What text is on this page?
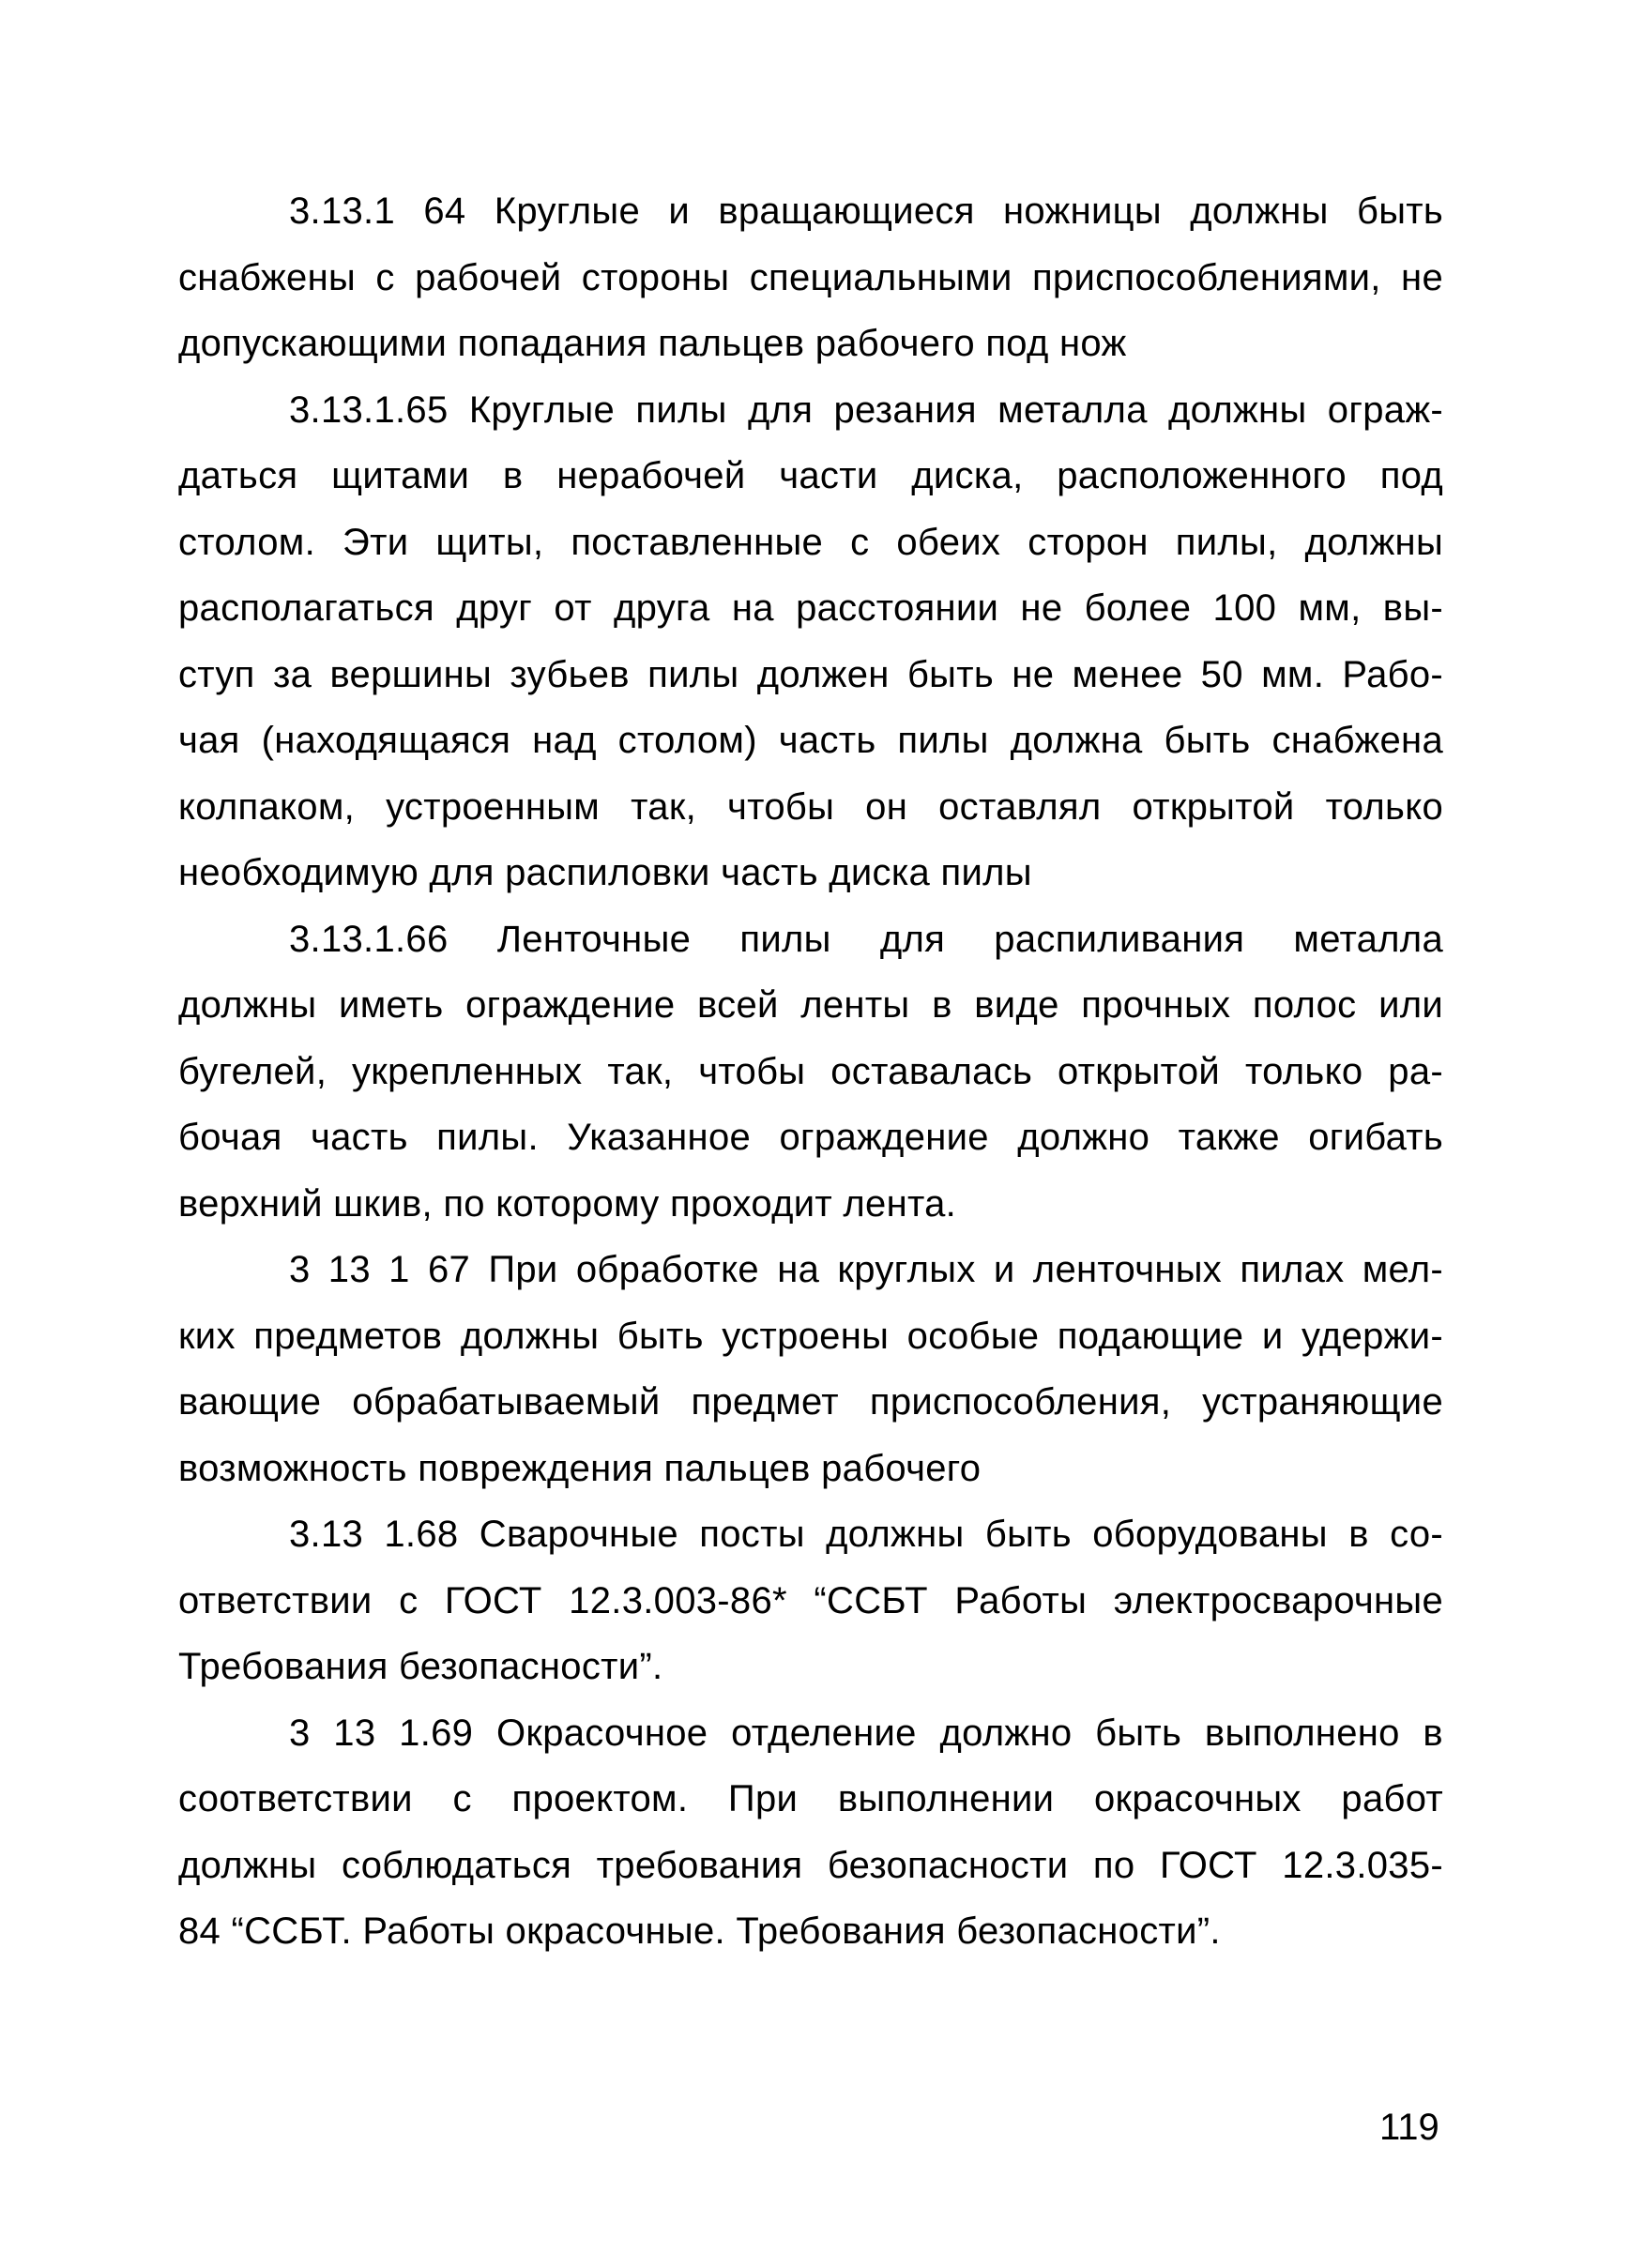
3.13.1 64 Круглые и вращающиеся ножницы должны быть
снабжены с рабочей стороны специальными приспособлениями, не
допускающими попадания пальцев рабочего под нож
3.13.1.65 Круглые пилы для резания металла должны ограж-
даться щитами в нерабочей части диска, расположенного под
столом. Эти щиты, поставленные с обеих сторон пилы, должны
располагаться друг от друга на расстоянии не более 100 мм, вы-
ступ за вершины зубьев пилы должен быть не менее 50 мм. Рабо-
чая (находящаяся над столом) часть пилы должна быть снабжена
колпаком, устроенным так, чтобы он оставлял открытой только
необходимую для распиловки часть диска пилы
3.13.1.66 Ленточные пилы для распиливания металла
должны иметь ограждение всей ленты в виде прочных полос или
бугелей, укрепленных так, чтобы оставалась открытой только ра-
бочая часть пилы. Указанное ограждение должно также огибать
верхний шкив, по которому проходит лента.
3 13 1 67 При обработке на круглых и ленточных пилах мел-
ких предметов должны быть устроены особые подающие и удержи-
вающие обрабатываемый предмет приспособления, устраняющие
возможность повреждения пальцев рабочего
3.13 1.68 Сварочные посты должны быть оборудованы в со-
ответствии с ГОСТ 12.3.003-86* “ССБТ Работы электросварочные
Требования безопасности”.
3 13 1.69 Окрасочное отделение должно быть выполнено в
соответствии с проектом. При выполнении окрасочных работ
должны соблюдаться требования безопасности по ГОСТ 12.3.035-
84 “ССБТ. Работы окрасочные. Требования безопасности”.
119
